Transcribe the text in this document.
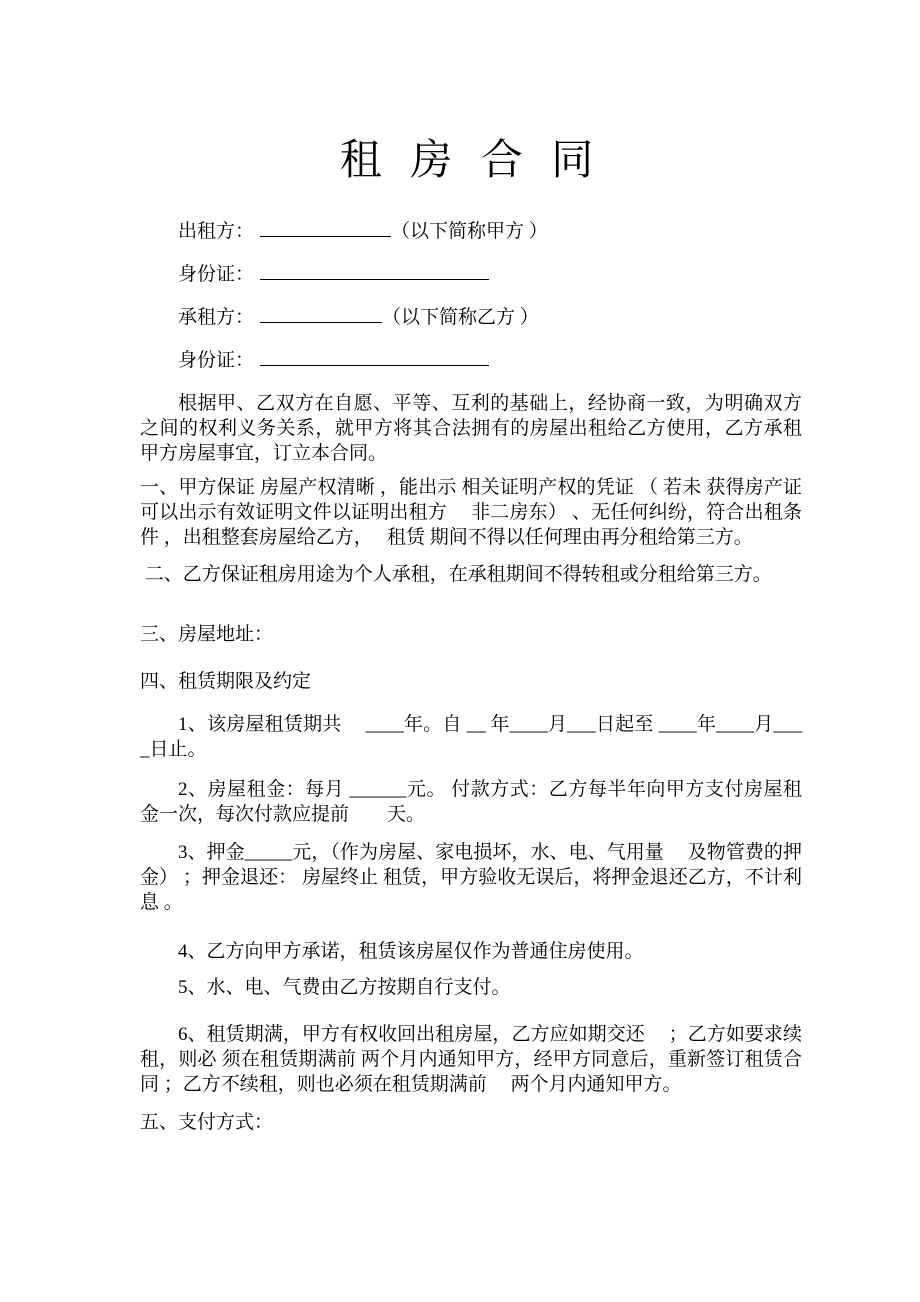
租 房 合 同
出租方：	（以下简称甲方 ）
身份证：
承租方：	（以下简称乙方 ）
身份证：

根据甲、乙双方在自愿、平等、互利的基础上，经协商一致，为明确双方之间的权利义务关系，就甲方将其合法拥有的房屋出租给乙方使用，乙方承租甲方房屋事宜，订立本合同。

一、甲方保证 房屋产权清晰 ，能出示 相关证明产权的凭证 （ 若未 获得房产证可以出示有效证明文件以证明出租方　 非二房东） 、无任何纠纷，符合出租条件 ，出租整套房屋给乙方，　 租赁 期间不得以任何理由再分租给第三方。

二、乙方保证租房用途为个人承租，在承租期间不得转租或分租给第三方。

三、房屋地址：

四、租赁期限及约定

1、该房屋租赁期共　 ____年。自 __ 年____月___日起至 ____年____月____日止。

2、房屋租金：每月 ______元。 付款方式：乙方每半年向甲方支付房屋租金一次，每次付款应提前　　天。

3、押金_____元，（作为房屋、家电损坏，水、电、气用量　 及物管费的押金） ；押金退还： 房屋终止 租赁，甲方验收无误后，将押金退还乙方，不计利息 。

4、乙方向甲方承诺，租赁该房屋仅作为普通住房使用。

5、水、电、气费由乙方按期自行支付。

6、租赁期满，甲方有权收回出租房屋，乙方应如期交还　 ；乙方如要求续租，则必 须在租赁期满前 两个月内通知甲方，经甲方同意后，重新签订租赁合同 ；乙方不续租，则也必须在租赁期满前　 两个月内通知甲方。

五、支付方式：
